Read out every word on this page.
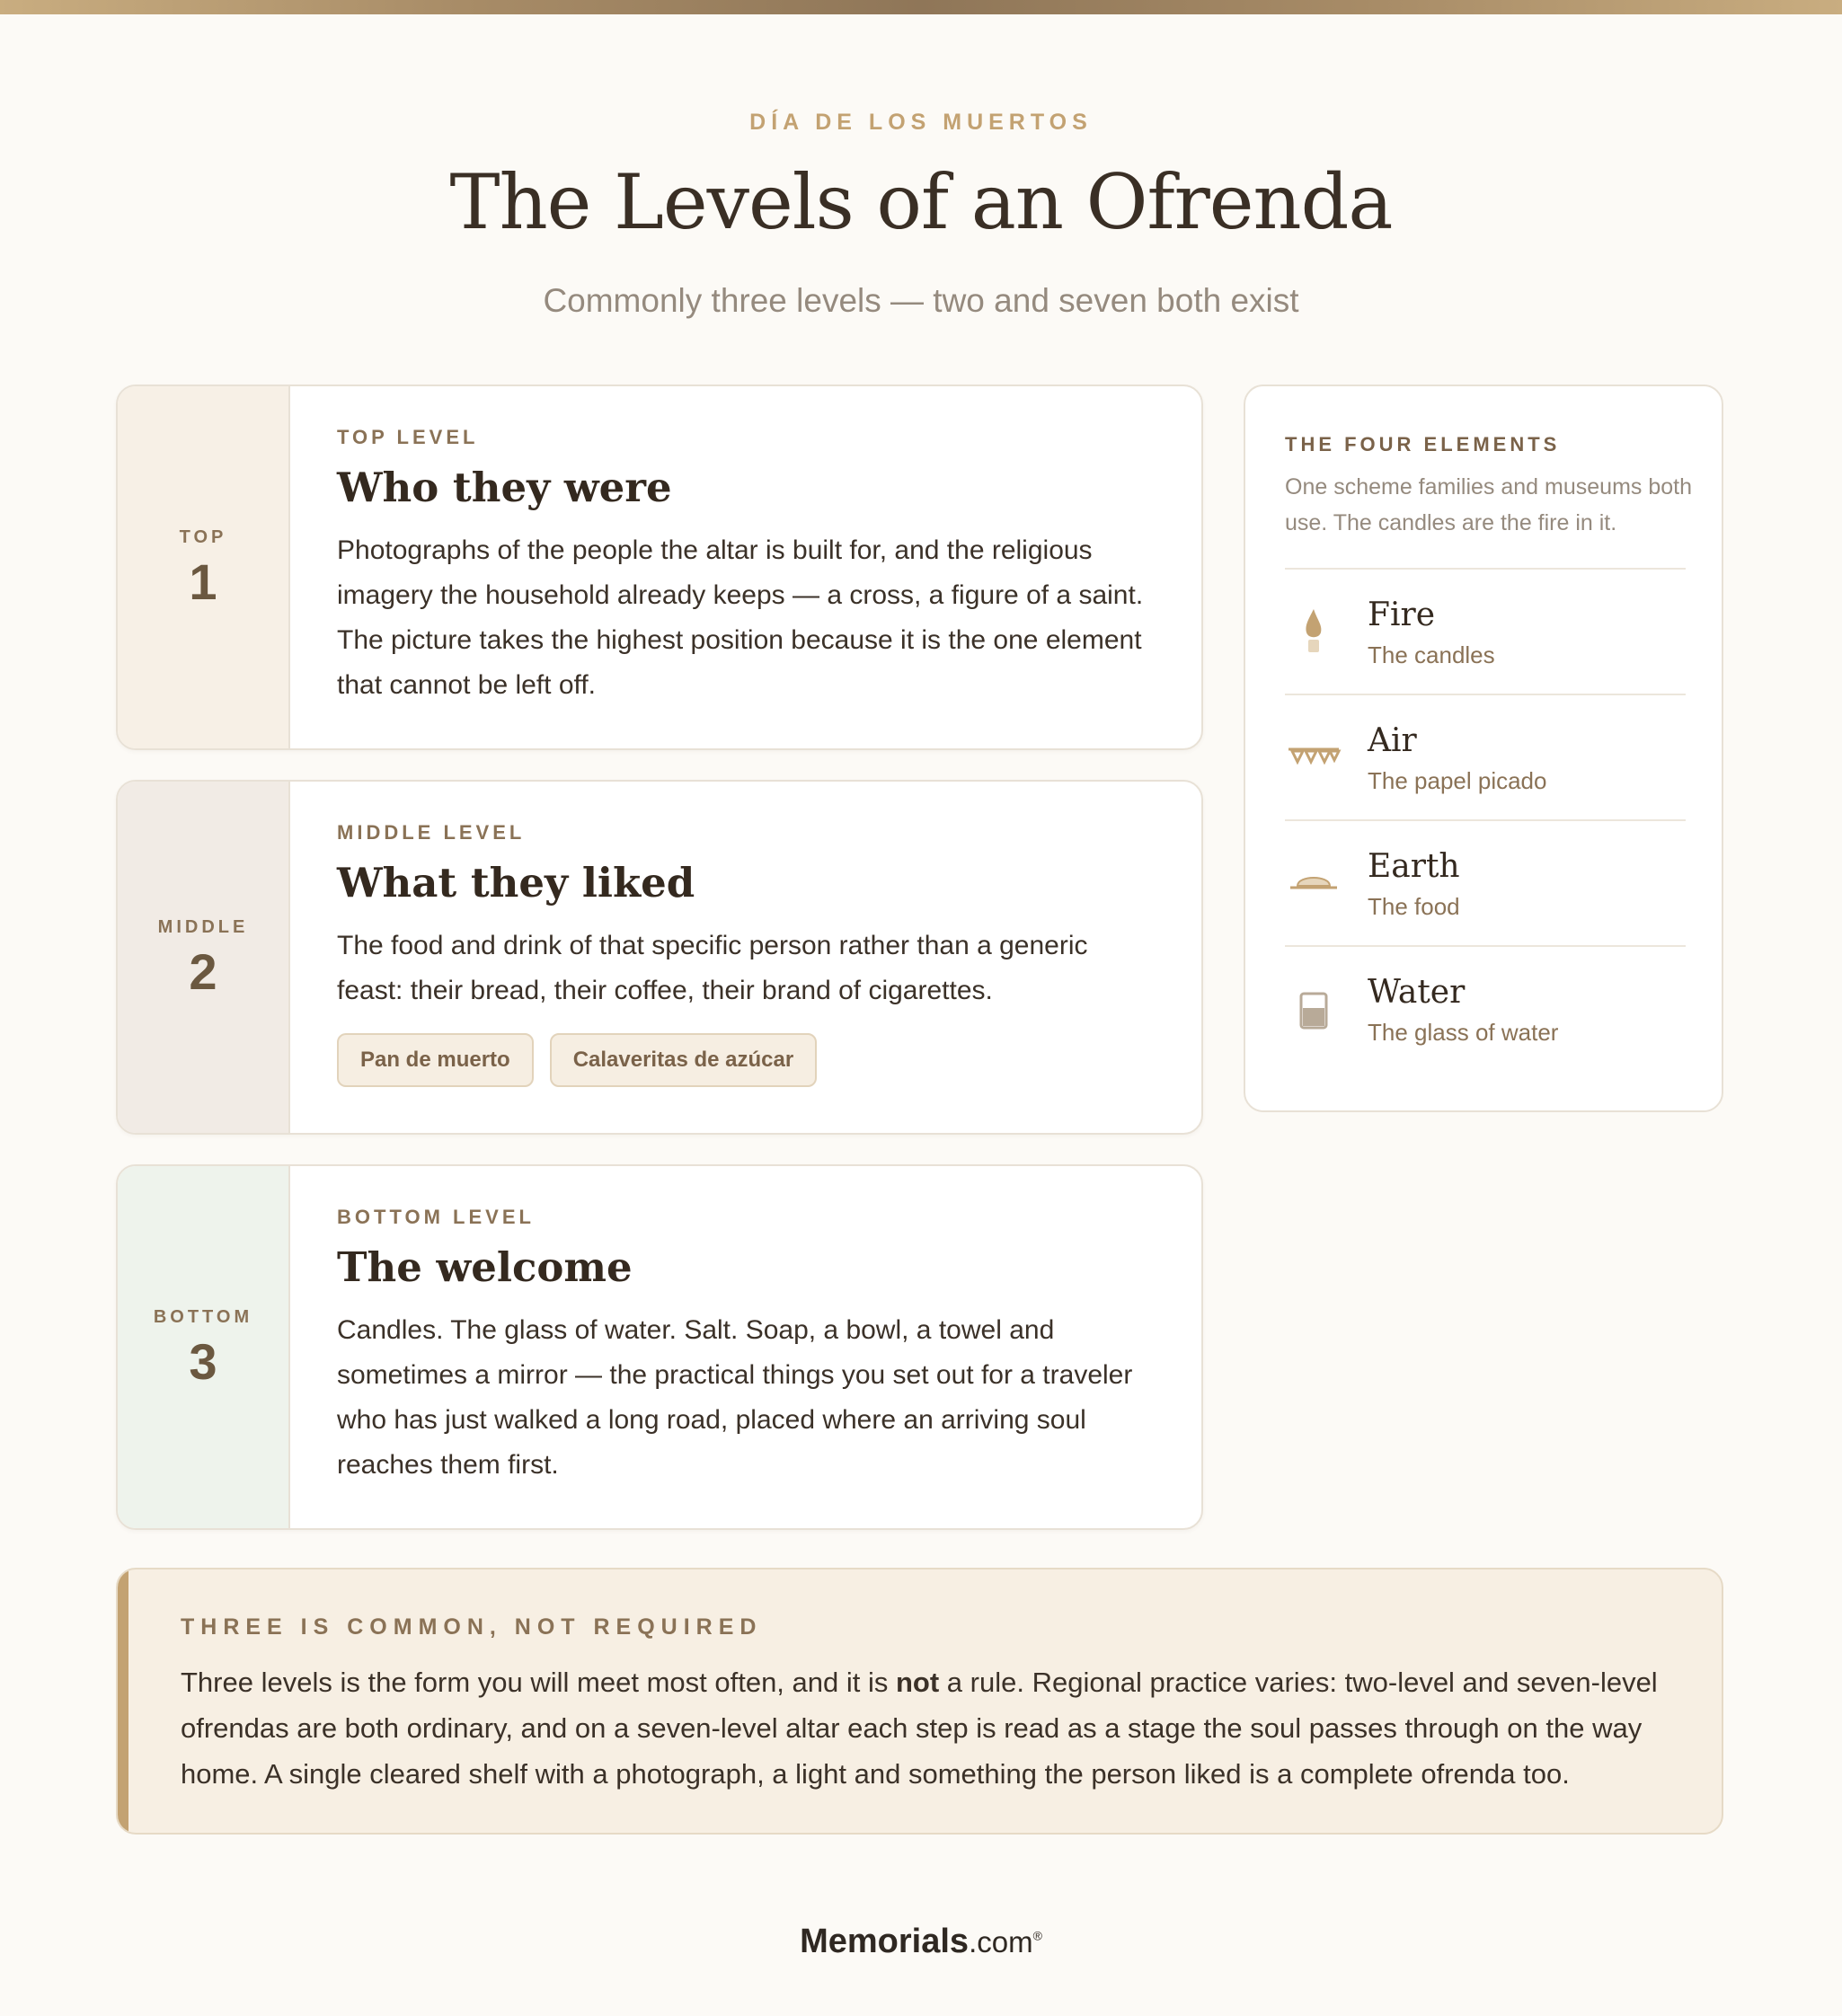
DÍA DE LOS MUERTOS
The Levels of an Ofrenda
Commonly three levels — two and seven both exist
TOP
1
TOP LEVEL
Who they were

Photographs of the people the altar is built for, and the religious imagery the household already keeps — a cross, a figure of a saint. The picture takes the highest position because it is the one element that cannot be left off.

MIDDLE
2
MIDDLE LEVEL
What they liked

The food and drink of that specific person rather than a generic feast: their bread, their coffee, their brand of cigarettes.

Pan de muerto	Calaveritas de azúcar
BOTTOM
3
BOTTOM LEVEL
The welcome

Candles. The glass of water. Salt. Soap, a bowl, a towel and sometimes a mirror — the practical things you set out for a traveler who has just walked a long road, placed where an arriving soul reaches them first.

THE FOUR ELEMENTS
One scheme families and museums both use. The candles are the fire in it.
Fire
The candles
Air
The papel picado
Earth
The food
Water
The glass of water
THREE IS COMMON, NOT REQUIRED

Three levels is the form you will meet most often, and it is not a rule. Regional practice varies: two-level and seven-level ofrendas are both ordinary, and on a seven-level altar each step is read as a stage the soul passes through on the way home. A single cleared shelf with a photograph, a light and something the person liked is a complete ofrenda too.

Memorials.com®
